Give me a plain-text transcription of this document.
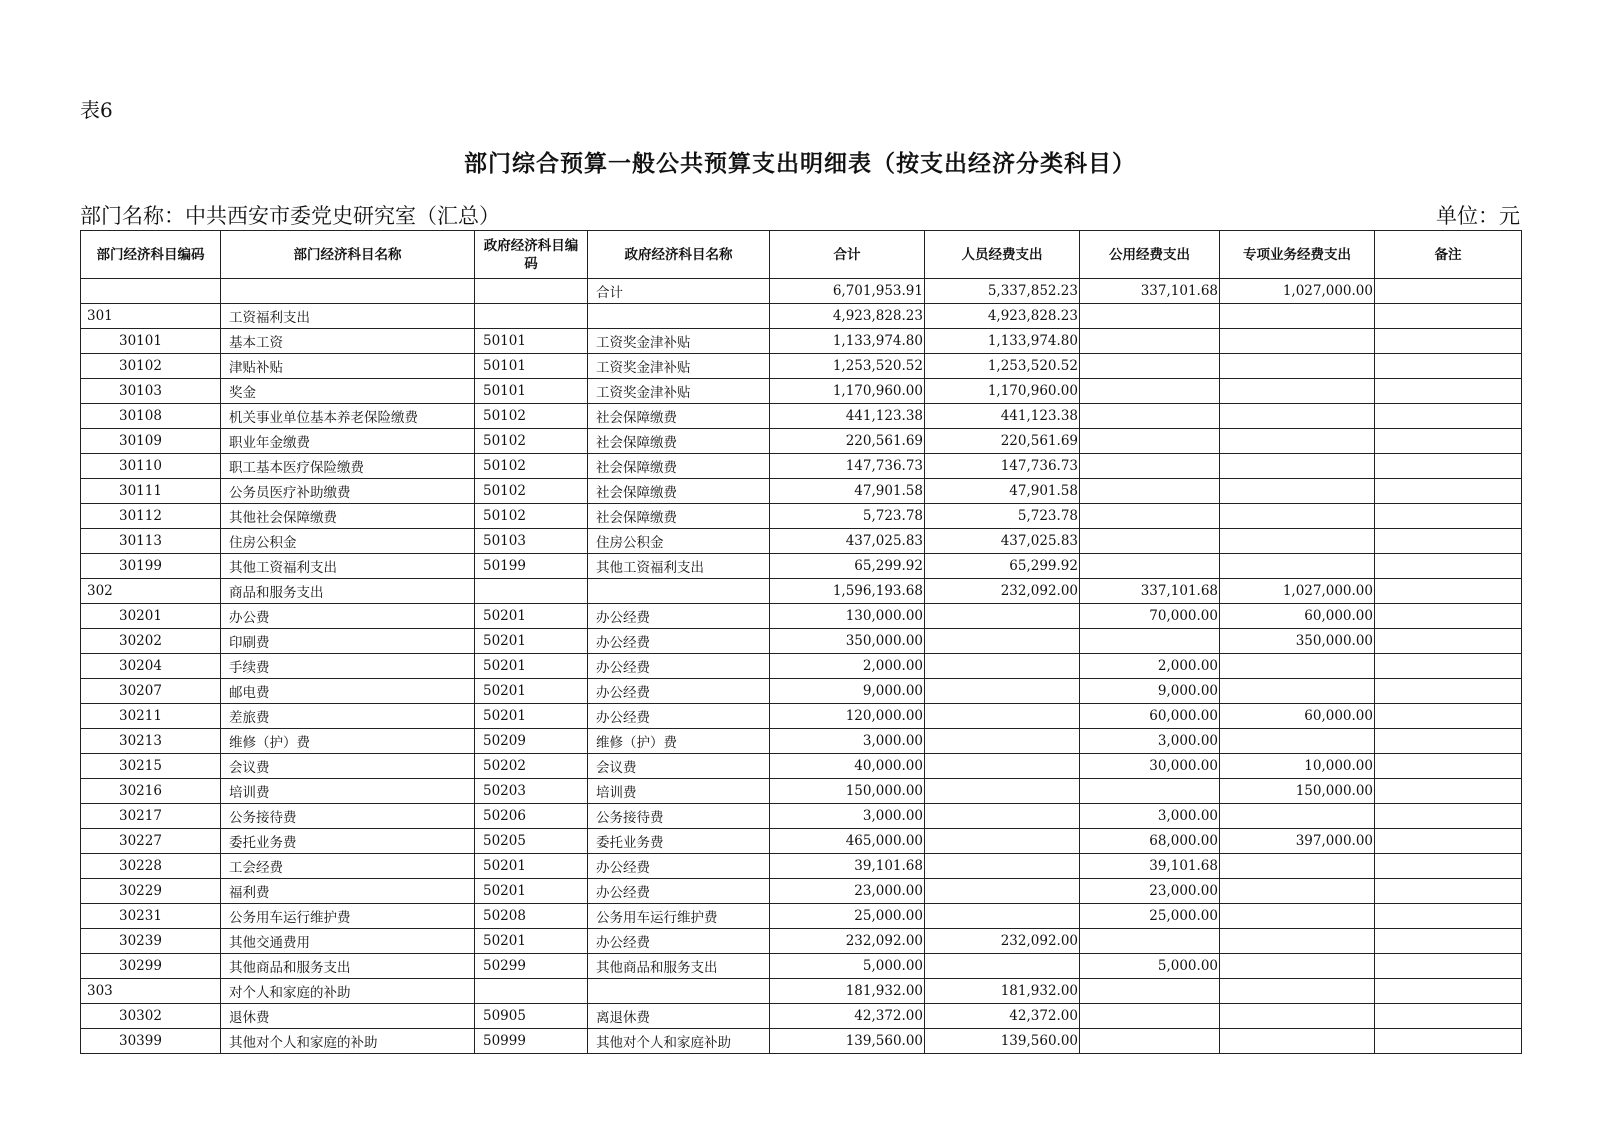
表6
部门综合预算一般公共预算支出明细表（按支出经济分类科目）
部门名称：中共西安市委党史研究室（汇总）	单位：元
部门经济科目编码	部门经济科目名称	政府经济科目编码	政府经济科目名称	合计	人员经费支出	公用经费支出	专项业务经费支出	备注
			合计	6,701,953.91	5,337,852.23	337,101.68	1,027,000.00	
301	工资福利支出			4,923,828.23	4,923,828.23			
30101	基本工资	50101	工资奖金津补贴	1,133,974.80	1,133,974.80			
30102	津贴补贴	50101	工资奖金津补贴	1,253,520.52	1,253,520.52			
30103	奖金	50101	工资奖金津补贴	1,170,960.00	1,170,960.00			
30108	机关事业单位基本养老保险缴费	50102	社会保障缴费	441,123.38	441,123.38			
30109	职业年金缴费	50102	社会保障缴费	220,561.69	220,561.69			
30110	职工基本医疗保险缴费	50102	社会保障缴费	147,736.73	147,736.73			
30111	公务员医疗补助缴费	50102	社会保障缴费	47,901.58	47,901.58			
30112	其他社会保障缴费	50102	社会保障缴费	5,723.78	5,723.78			
30113	住房公积金	50103	住房公积金	437,025.83	437,025.83			
30199	其他工资福利支出	50199	其他工资福利支出	65,299.92	65,299.92			
302	商品和服务支出			1,596,193.68	232,092.00	337,101.68	1,027,000.00	
30201	办公费	50201	办公经费	130,000.00		70,000.00	60,000.00	
30202	印刷费	50201	办公经费	350,000.00			350,000.00	
30204	手续费	50201	办公经费	2,000.00		2,000.00		
30207	邮电费	50201	办公经费	9,000.00		9,000.00		
30211	差旅费	50201	办公经费	120,000.00		60,000.00	60,000.00	
30213	维修（护）费	50209	维修（护）费	3,000.00		3,000.00		
30215	会议费	50202	会议费	40,000.00		30,000.00	10,000.00	
30216	培训费	50203	培训费	150,000.00			150,000.00	
30217	公务接待费	50206	公务接待费	3,000.00		3,000.00		
30227	委托业务费	50205	委托业务费	465,000.00		68,000.00	397,000.00	
30228	工会经费	50201	办公经费	39,101.68		39,101.68		
30229	福利费	50201	办公经费	23,000.00		23,000.00		
30231	公务用车运行维护费	50208	公务用车运行维护费	25,000.00		25,000.00		
30239	其他交通费用	50201	办公经费	232,092.00	232,092.00			
30299	其他商品和服务支出	50299	其他商品和服务支出	5,000.00		5,000.00		
303	对个人和家庭的补助			181,932.00	181,932.00			
30302	退休费	50905	离退休费	42,372.00	42,372.00			
30399	其他对个人和家庭的补助	50999	其他对个人和家庭补助	139,560.00	139,560.00			
